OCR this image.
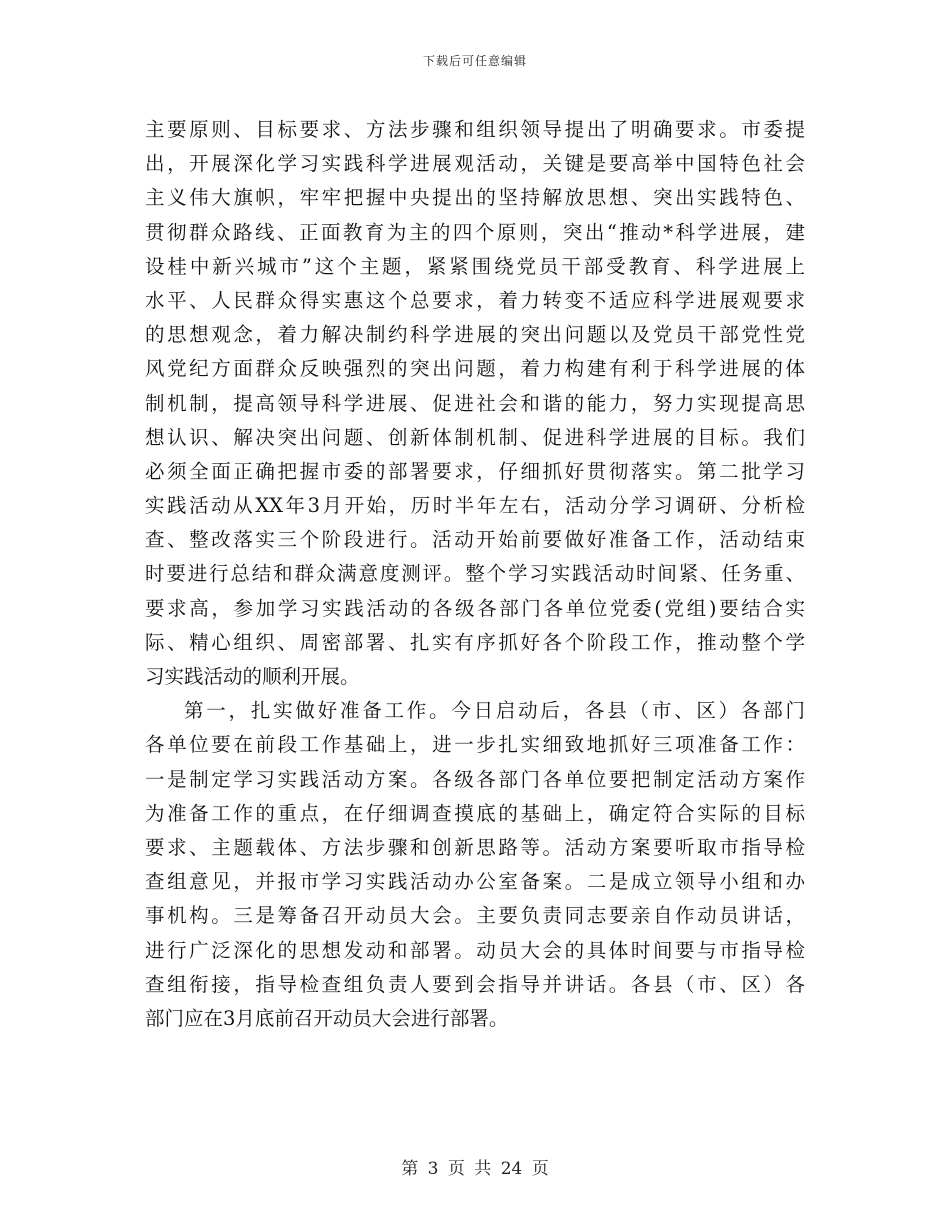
下载后可任意编辑
主要原则、目标要求、方法步骤和组织领导提出了明确要求。市委提
出，开展深化学习实践科学进展观活动，关键是要高举中国特色社会
主义伟大旗帜，牢牢把握中央提出的坚持解放思想、突出实践特色、
贯彻群众路线、正面教育为主的四个原则，突出“推动*科学进展，建
设桂中新兴城市”这个主题，紧紧围绕党员干部受教育、科学进展上
水平、人民群众得实惠这个总要求，着力转变不适应科学进展观要求
的思想观念，着力解决制约科学进展的突出问题以及党员干部党性党
风党纪方面群众反映强烈的突出问题，着力构建有利于科学进展的体
制机制，提高领导科学进展、促进社会和谐的能力，努力实现提高思
想认识、解决突出问题、创新体制机制、促进科学进展的目标。我们
必须全面正确把握市委的部署要求，仔细抓好贯彻落实。第二批学习
实践活动从XX年3月开始，历时半年左右，活动分学习调研、分析检
查、整改落实三个阶段进行。活动开始前要做好准备工作，活动结束
时要进行总结和群众满意度测评。整个学习实践活动时间紧、任务重、
要求高，参加学习实践活动的各级各部门各单位党委(党组)要结合实
际、精心组织、周密部署、扎实有序抓好各个阶段工作，推动整个学
习实践活动的顺利开展。
第一，扎实做好准备工作。今日启动后，各县（市、区）各部门
各单位要在前段工作基础上，进一步扎实细致地抓好三项准备工作：
一是制定学习实践活动方案。各级各部门各单位要把制定活动方案作
为准备工作的重点，在仔细调查摸底的基础上，确定符合实际的目标
要求、主题载体、方法步骤和创新思路等。活动方案要听取市指导检
查组意见，并报市学习实践活动办公室备案。二是成立领导小组和办
事机构。三是筹备召开动员大会。主要负责同志要亲自作动员讲话，
进行广泛深化的思想发动和部署。动员大会的具体时间要与市指导检
查组衔接，指导检查组负责人要到会指导并讲话。各县（市、区）各
部门应在3月底前召开动员大会进行部署。
第 3 页 共 24 页
